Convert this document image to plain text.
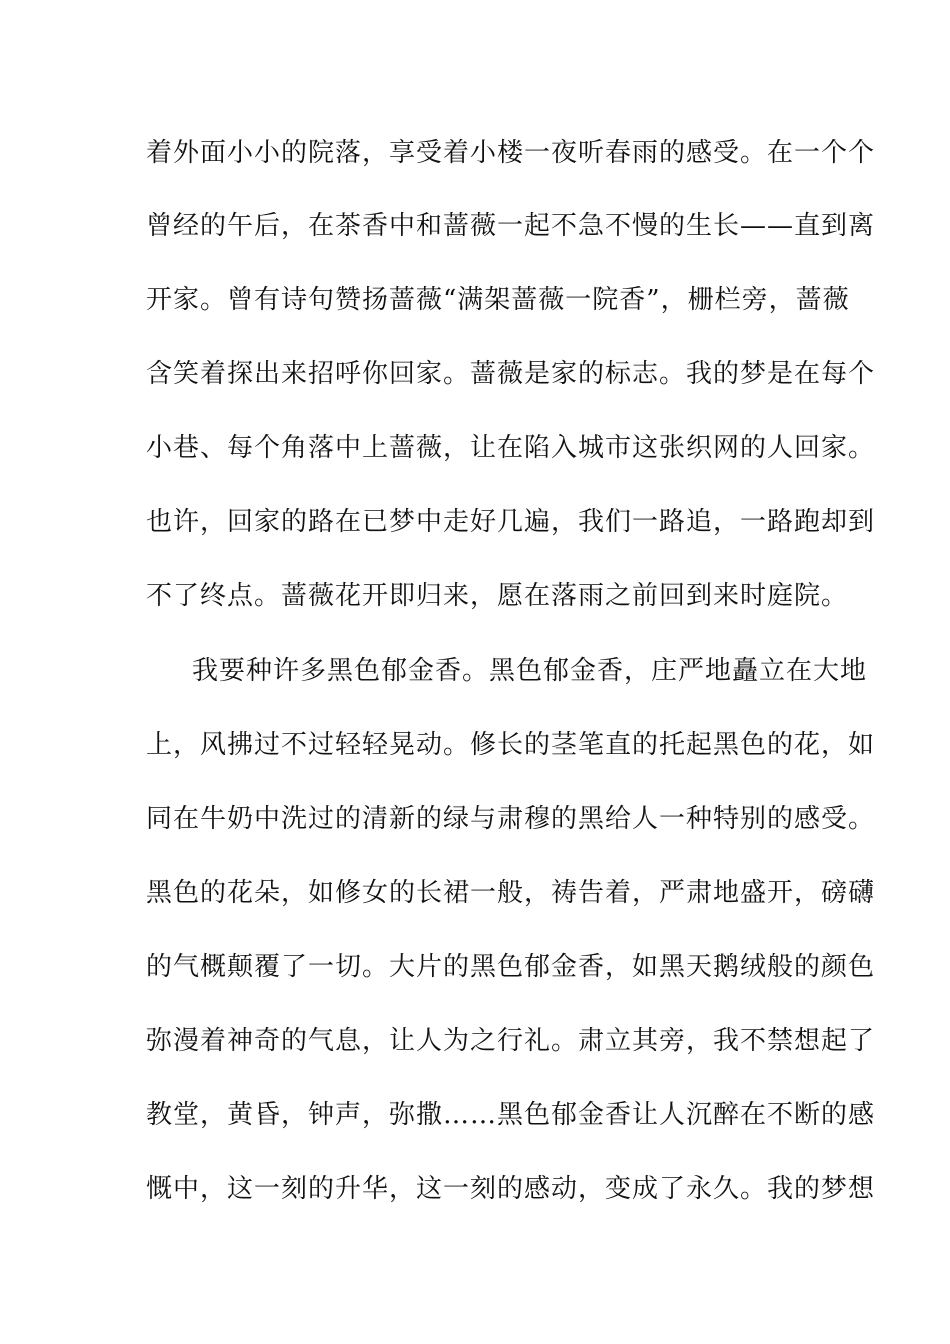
着外面小小的院落，享受着小楼一夜听春雨的感受。在一个个
曾经的午后，在茶香中和蔷薇一起不急不慢的生长——直到离
开家。曾有诗句赞扬蔷薇“满架蔷薇一院香”，栅栏旁，蔷薇
含笑着探出来招呼你回家。蔷薇是家的标志。我的梦是在每个
小巷、每个角落中上蔷薇，让在陷入城市这张织网的人回家。
也许，回家的路在已梦中走好几遍，我们一路追，一路跑却到
不了终点。蔷薇花开即归来，愿在落雨之前回到来时庭院。
我要种许多黑色郁金香。黑色郁金香，庄严地矗立在大地
上，风拂过不过轻轻晃动。修长的茎笔直的托起黑色的花，如
同在牛奶中洗过的清新的绿与肃穆的黑给人一种特别的感受。
黑色的花朵，如修女的长裙一般，祷告着，严肃地盛开，磅礴
的气概颠覆了一切。大片的黑色郁金香，如黑天鹅绒般的颜色
弥漫着神奇的气息，让人为之行礼。肃立其旁，我不禁想起了
教堂，黄昏，钟声，弥撒……黑色郁金香让人沉醉在不断的感
慨中，这一刻的升华，这一刻的感动，变成了永久。我的梦想
